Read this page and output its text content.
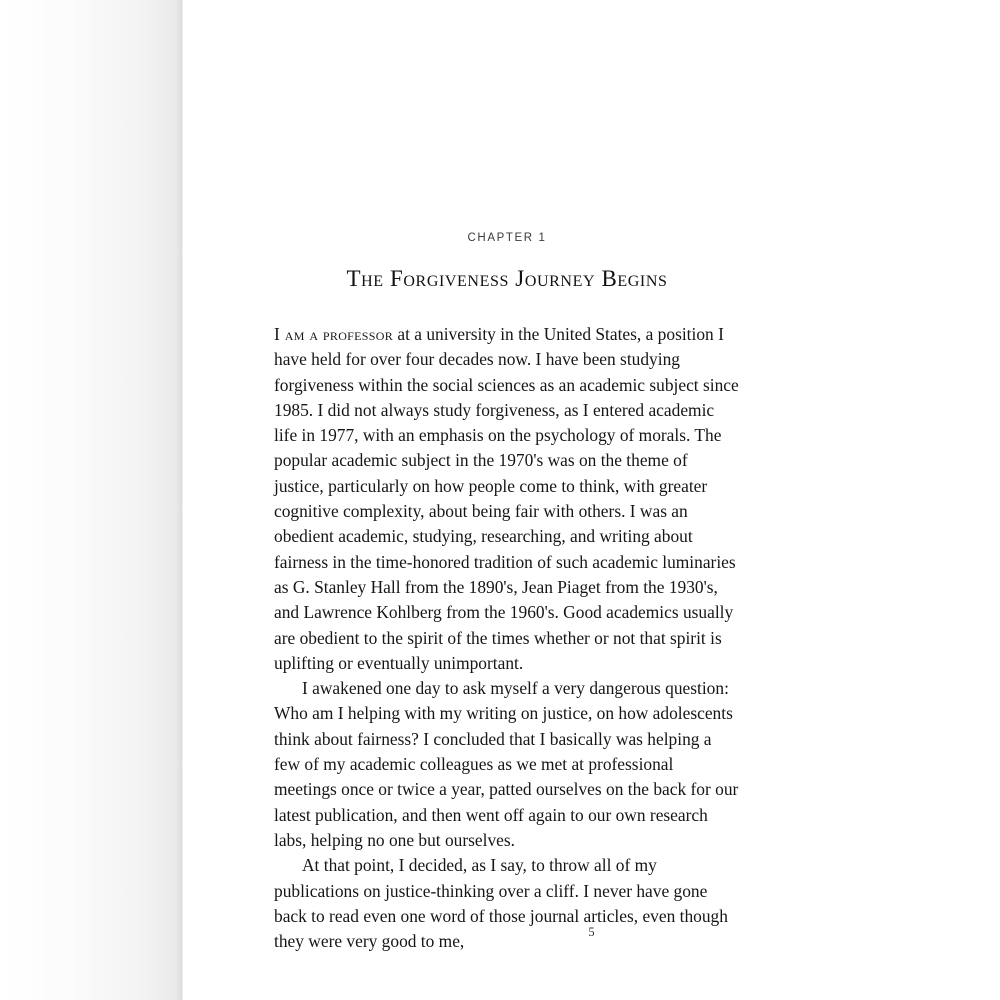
CHAPTER 1
The Forgiveness Journey Begins

I am a professor at a university in the United States, a position I have held for over four decades now. I have been studying forgiveness within the social sciences as an academic subject since 1985. I did not always study forgiveness, as I entered academic life in 1977, with an emphasis on the psychology of morals. The popular academic subject in the 1970's was on the theme of justice, particularly on how people come to think, with greater cognitive complexity, about being fair with others. I was an obedient academic, studying, researching, and writing about fairness in the time-honored tradition of such academic luminaries as G. Stanley Hall from the 1890's, Jean Piaget from the 1930's, and Lawrence Kohlberg from the 1960's. Good academics usually are obedient to the spirit of the times whether or not that spirit is uplifting or eventually unimportant.

I awakened one day to ask myself a very dangerous question: Who am I helping with my writing on justice, on how adolescents think about fairness? I concluded that I basically was helping a few of my academic colleagues as we met at professional meetings once or twice a year, patted ourselves on the back for our latest publication, and then went off again to our own research labs, helping no one but ourselves.

At that point, I decided, as I say, to throw all of my publications on justice-thinking over a cliff. I never have gone back to read even one word of those journal articles, even though they were very good to me,	5
